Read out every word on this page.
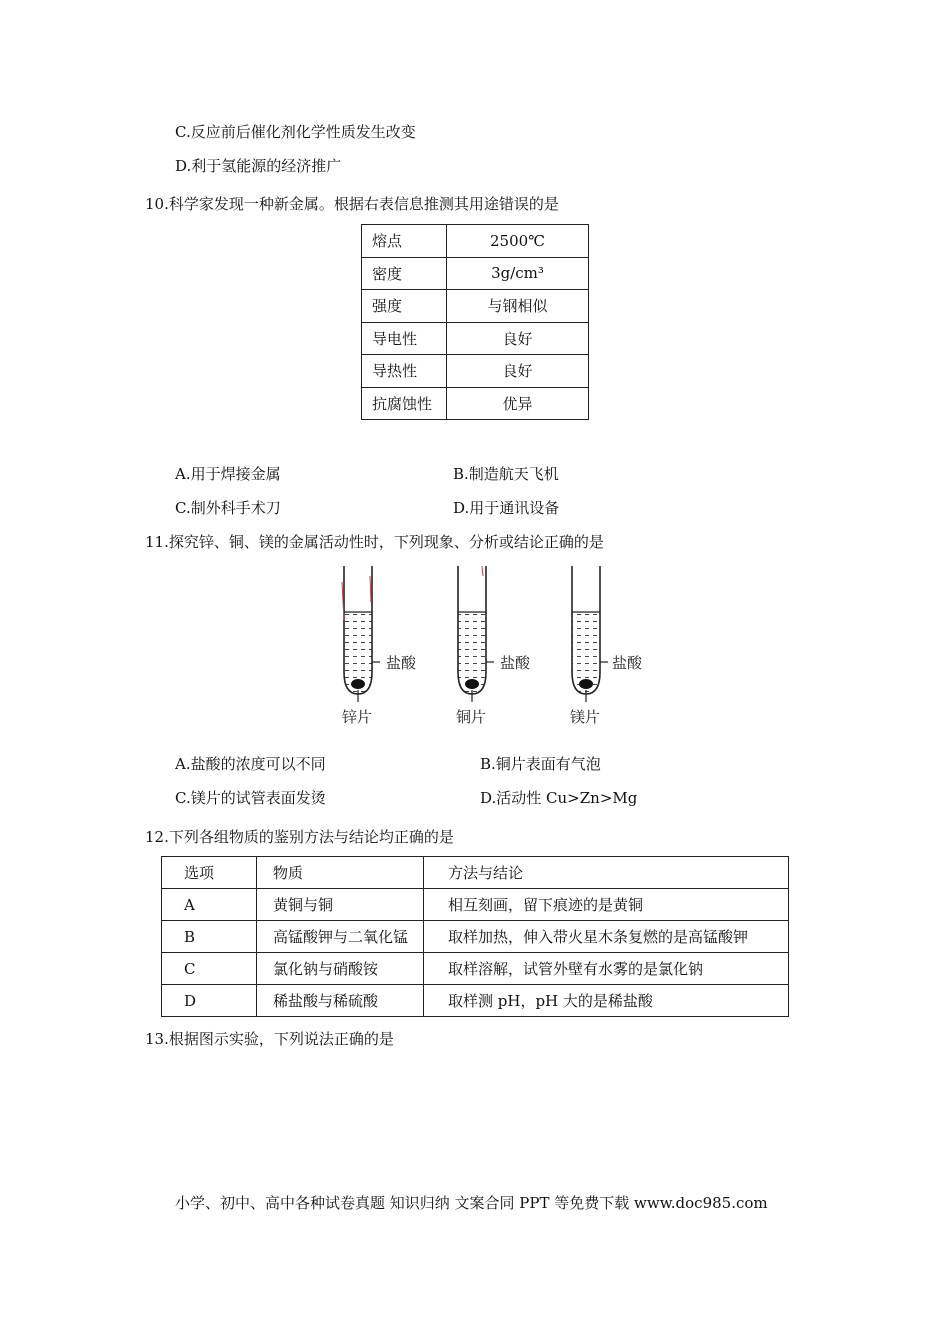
C.反应前后催化剂化学性质发生改变
D.利于氢能源的经济推广
10.科学家发现一种新金属。根据右表信息推测其用途错误的是
熔点	2500℃
密度	3g/cm³
强度	与钢相似
导电性	良好
导热性	良好
抗腐蚀性	优异
A.用于焊接金属	B.制造航天飞机
C.制外科手术刀	D.用于通讯设备
11.探究锌、铜、镁的金属活动性时，下列现象、分析或结论正确的是
盐酸
锌片
盐酸
铜片
盐酸
镁片
A.盐酸的浓度可以不同	B.铜片表面有气泡
C.镁片的试管表面发烫	D.活动性 Cu>Zn>Mg
12.下列各组物质的鉴别方法与结论均正确的是
选项	物质	方法与结论
A	黄铜与铜	相互刻画，留下痕迹的是黄铜
B	高锰酸钾与二氧化锰	取样加热，伸入带火星木条复燃的是高锰酸钾
C	氯化钠与硝酸铵	取样溶解，试管外壁有水雾的是氯化钠
D	稀盐酸与稀硫酸	取样测 pH，pH 大的是稀盐酸
13.根据图示实验，下列说法正确的是
小学、初中、高中各种试卷真题 知识归纳 文案合同 PPT 等免费下载 www.doc985.com
